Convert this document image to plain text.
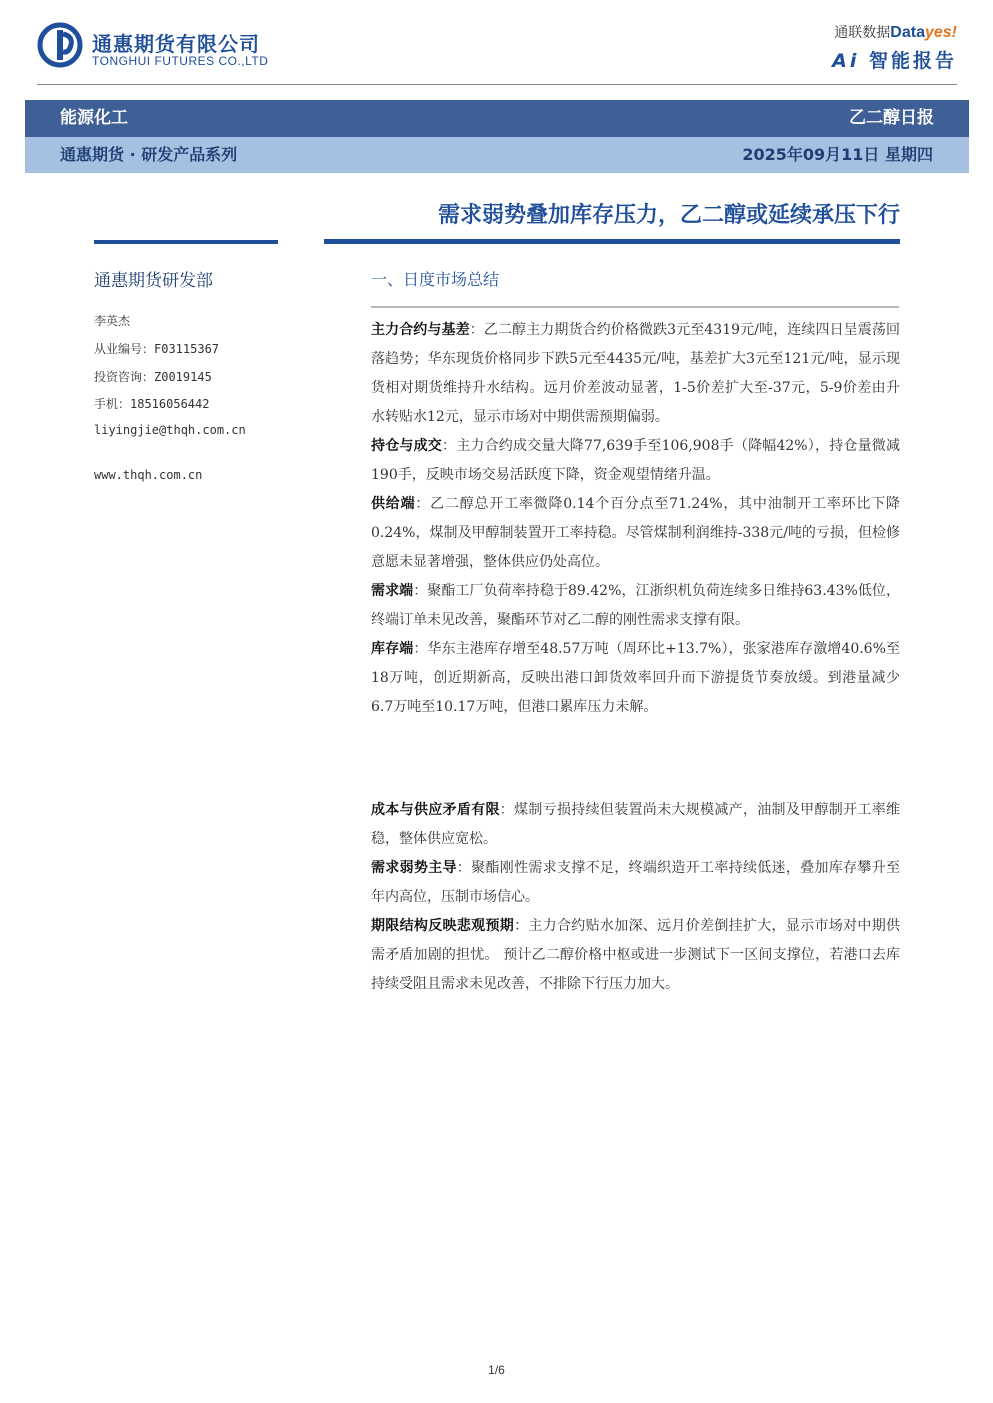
通惠期货有限公司
TONGHUI FUTURES CO.,LTD
通联数据Datayes!
Ai 智能报告
能源化工	乙二醇日报
通惠期货 · 研发产品系列	2025年09月11日 星期四
需求弱势叠加库存压力，乙二醇或延续承压下行
通惠期货研发部
李英杰
从业编号：F03115367
投资咨询：Z0019145
手机：18516056442
liyingjie@thqh.com.cn
www.thqh.com.cn
一、日度市场总结

主力合约与基差：乙二醇主力期货合约价格微跌3元至4319元/吨，连续四日呈震荡回落趋势；华东现货价格同步下跌5元至4435元/吨，基差扩大3元至121元/吨，显示现货相对期货维持升水结构。远月价差波动显著，1-5价差扩大至-37元，5-9价差由升水转贴水12元，显示市场对中期供需预期偏弱。

持仓与成交：主力合约成交量大降77,639手至106,908手（降幅42%），持仓量微减190手，反映市场交易活跃度下降，资金观望情绪升温。

供给端：乙二醇总开工率微降0.14个百分点至71.24%，其中油制开工率环比下降0.24%，煤制及甲醇制装置开工率持稳。尽管煤制利润维持-338元/吨的亏损，但检修意愿未显著增强，整体供应仍处高位。

需求端：聚酯工厂负荷率持稳于89.42%，江浙织机负荷连续多日维持63.43%低位，终端订单未见改善，聚酯环节对乙二醇的刚性需求支撑有限。

库存端：华东主港库存增至48.57万吨（周环比+13.7%），张家港库存激增40.6%至18万吨，创近期新高，反映出港口卸货效率回升而下游提货节奏放缓。到港量减少6.7万吨至10.17万吨，但港口累库压力未解。

成本与供应矛盾有限：煤制亏损持续但装置尚未大规模减产，油制及甲醇制开工率维稳，整体供应宽松。

需求弱势主导：聚酯刚性需求支撑不足，终端织造开工率持续低迷，叠加库存攀升至年内高位，压制市场信心。

期限结构反映悲观预期：主力合约贴水加深、远月价差倒挂扩大，显示市场对中期供需矛盾加剧的担忧。 预计乙二醇价格中枢或进一步测试下一区间支撑位，若港口去库持续受阻且需求未见改善，不排除下行压力加大。

1/6
